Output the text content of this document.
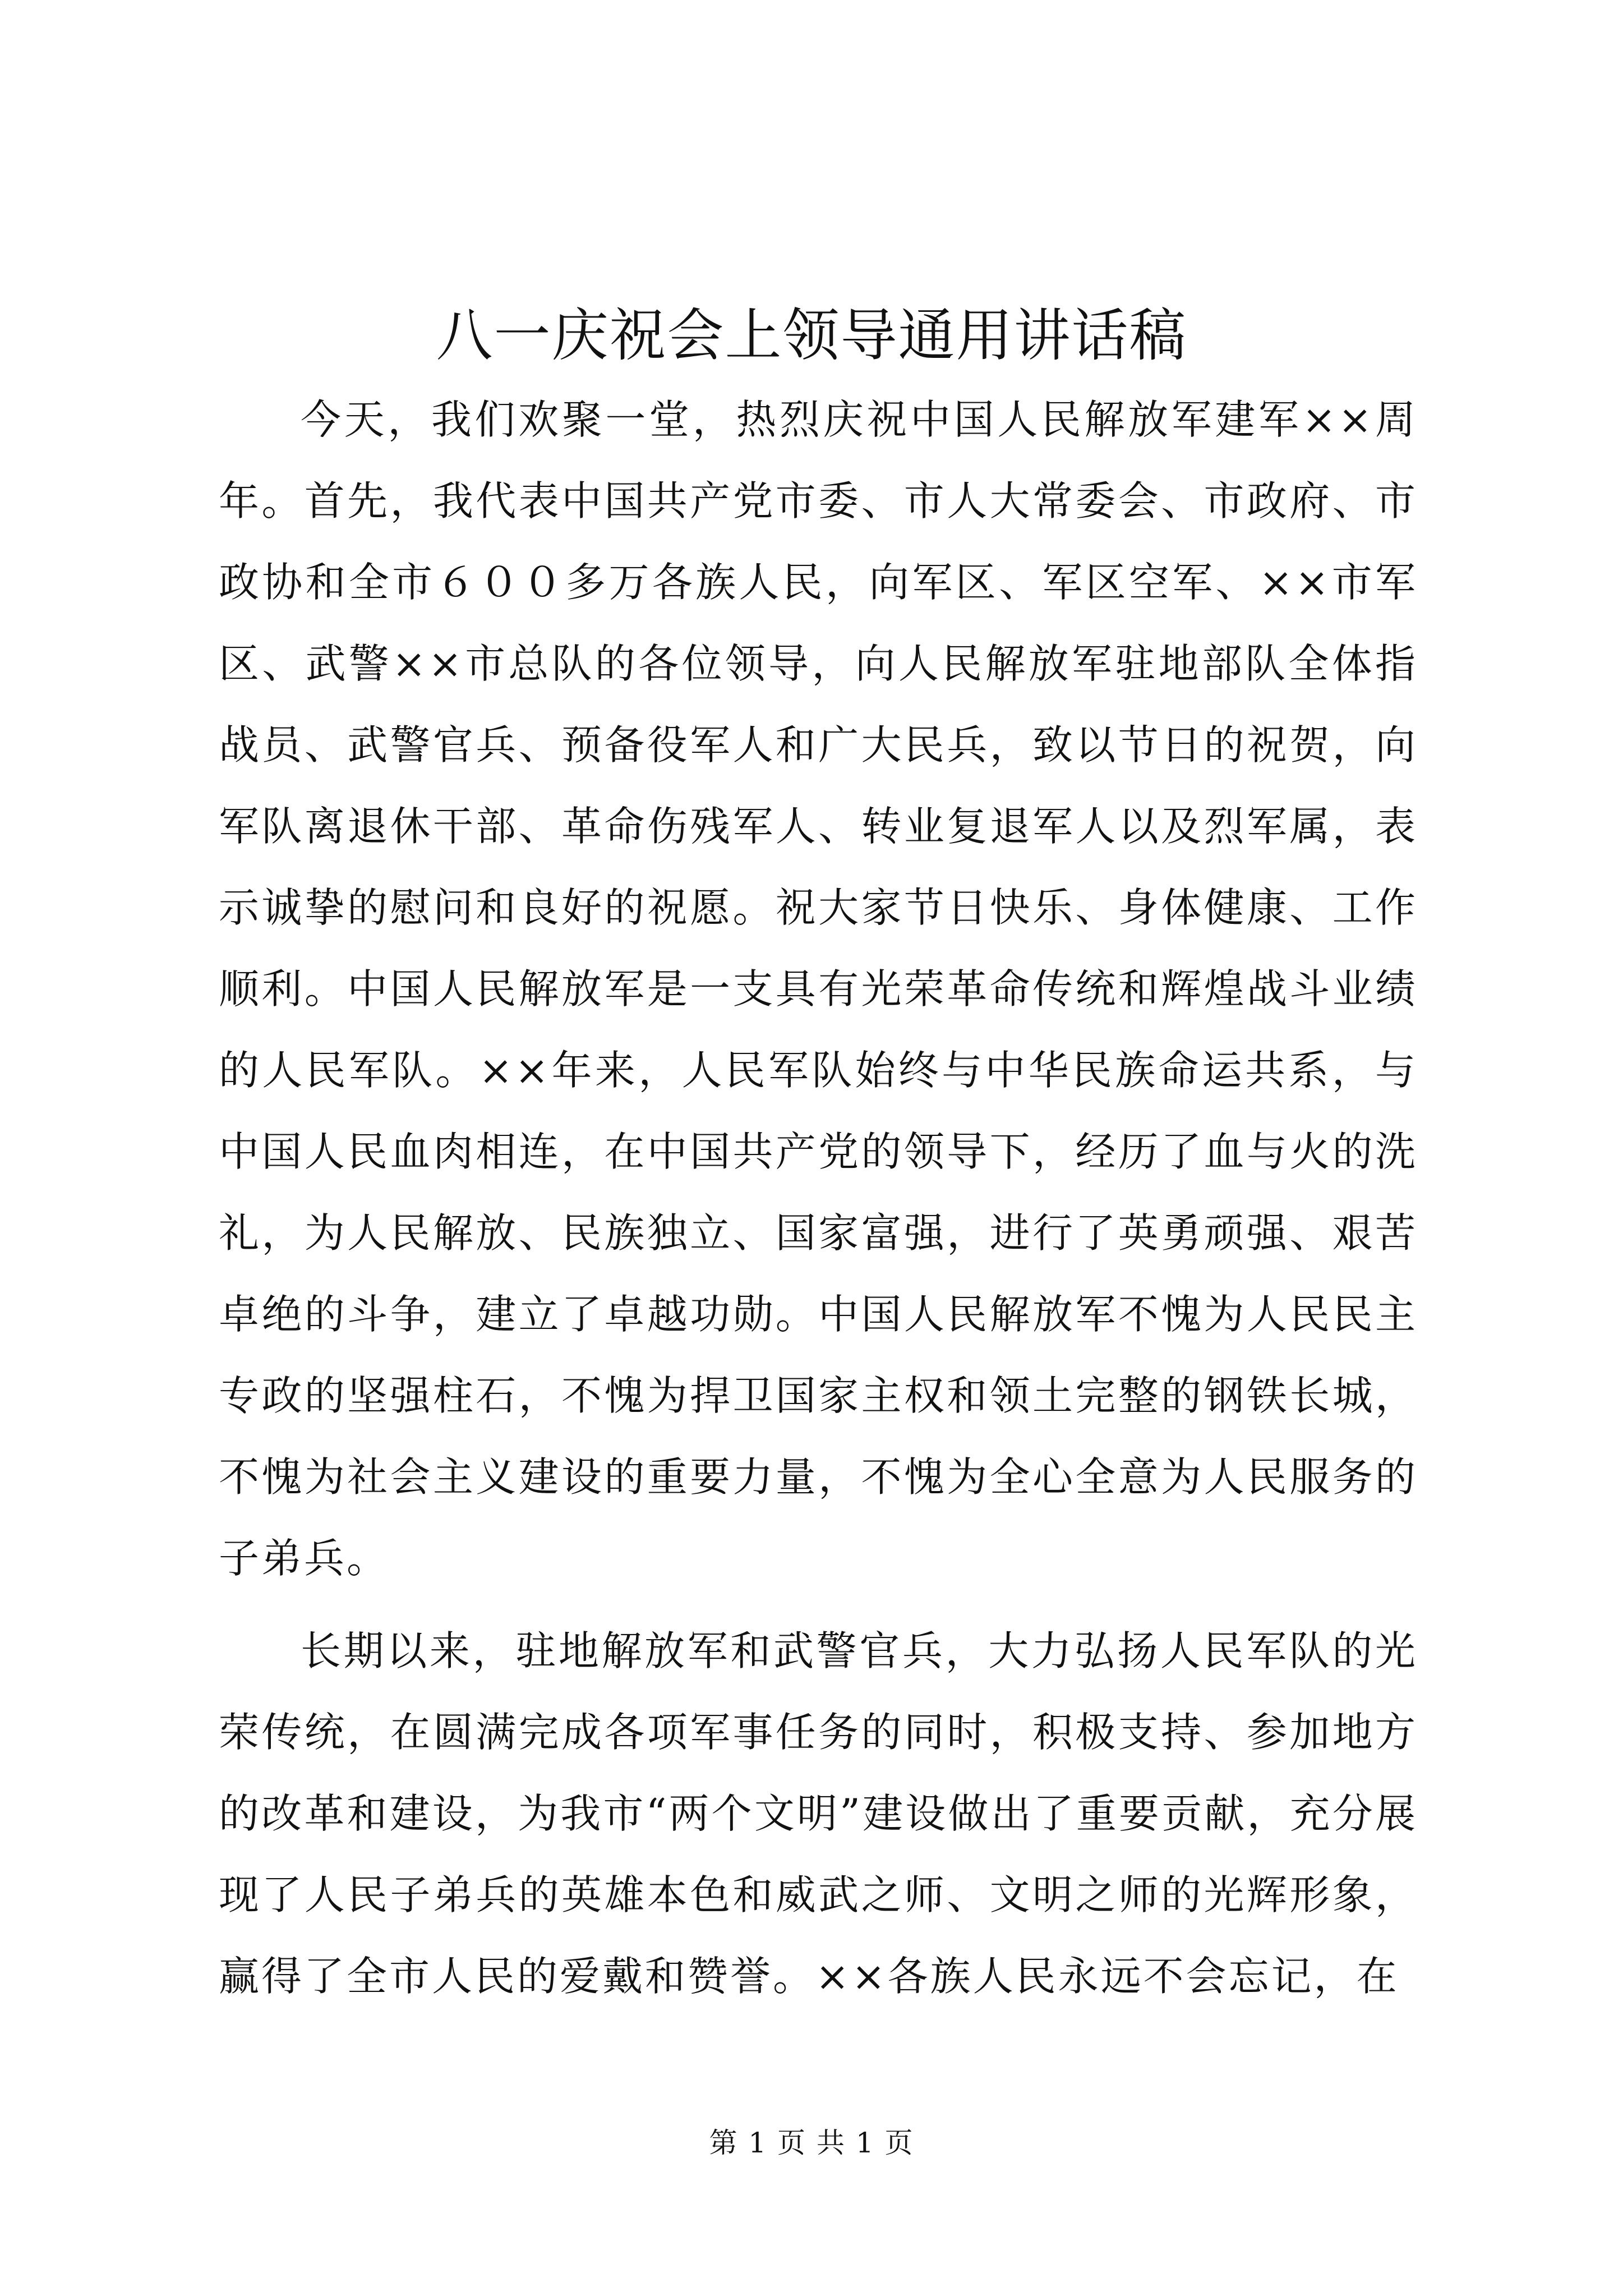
八一庆祝会上领导通用讲话稿

今天，我们欢聚一堂，热烈庆祝中国人民解放军建军××周年。首先，我代表中国共产党市委、市人大常委会、市政府、市政协和全市６００多万各族人民，向军区、军区空军、××市军区、武警××市总队的各位领导，向人民解放军驻地部队全体指战员、武警官兵、预备役军人和广大民兵，致以节日的祝贺，向军队离退休干部、革命伤残军人、转业复退军人以及烈军属，表示诚挚的慰问和良好的祝愿。祝大家节日快乐、身体健康、工作顺利。中国人民解放军是一支具有光荣革命传统和辉煌战斗业绩的人民军队。××年来，人民军队始终与中华民族命运共系，与中国人民血肉相连，在中国共产党的领导下，经历了血与火的洗礼，为人民解放、民族独立、国家富强，进行了英勇顽强、艰苦卓绝的斗争，建立了卓越功勋。中国人民解放军不愧为人民民主专政的坚强柱石，不愧为捍卫国家主权和领土完整的钢铁长城，不愧为社会主义建设的重要力量，不愧为全心全意为人民服务的子弟兵。

长期以来，驻地解放军和武警官兵，大力弘扬人民军队的光荣传统，在圆满完成各项军事任务的同时，积极支持、参加地方的改革和建设，为我市“两个文明”建设做出了重要贡献，充分展现了人民子弟兵的英雄本色和威武之师、文明之师的光辉形象，赢得了全市人民的爱戴和赞誉。××各族人民永远不会忘记，在

第 1 页 共 1 页
